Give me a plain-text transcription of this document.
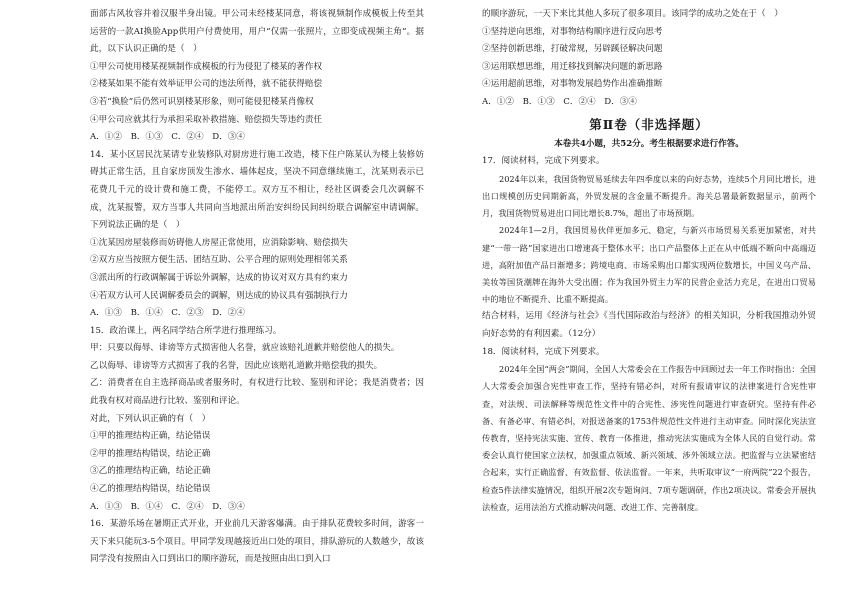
面部古风妆容并着汉服半身出镜。甲公司未经楼某同意，将该视频制作成模板上传至其运营的一款AI换脸App供用户付费使用，用户“仅需一张照片，立即变成视频主角”。据此，以下认识正确的是（　）

①甲公司使用楼某视频制作成模板的行为侵犯了楼某的著作权

②楼某如果不能有效举证甲公司的违法所得，就不能获得赔偿

③若“换脸”后仍然可识别楼某形象，则可能侵犯楼某肖像权

④甲公司应就其行为承担采取补救措施、赔偿损失等违约责任

A．①②　B．①③　C．②④　D．③④

14．某小区居民沈某请专业装修队对厨房进行施工改造，楼下住户陈某认为楼上装修妨碍其正常生活，且自家房顶发生渗水、墙体起皮，坚决不同意继续施工，沈某则表示已花费几千元的设计费和施工费，不能停工。双方互不相让，经社区调委会几次调解不成，沈某报警，双方当事人共同向当地派出所治安纠纷民间纠纷联合调解室申请调解。下列说法正确的是（　）

①沈某因房屋装修而妨碍他人房屋正常使用，应消除影响、赔偿损失

②双方应当按照方便生活、团结互助、公平合理的原则处理相邻关系

③派出所的行政调解属于诉讼外调解，达成的协议对双方具有约束力

④若双方认可人民调解委员会的调解，则达成的协议具有强制执行力

A．①③　B．①④　C．②③　D．②④

15．政治课上，两名同学结合所学进行推理练习。

甲：只要以侮辱、诽谤等方式损害他人名誉，就应该赔礼道歉并赔偿他人的损失。

乙以侮辱、诽谤等方式损害了我的名誉，因此应该赔礼道歉并赔偿我的损失。

乙：消费者在自主选择商品或者服务时，有权进行比较、鉴别和评论；我是消费者；因此我有权对商品进行比较、鉴别和评论。

对此，下列认识正确的有（　）

①甲的推理结构正确，结论错误

②甲的推理结构错误，结论正确

③乙的推理结构正确，结论正确

④乙的推理结构错误，结论错误

A．①③　B．①④　C．②④　D．③④

16．某游乐场在暑期正式开业，开业前几天游客爆满。由于排队花费较多时间，游客一天下来只能玩3-5个项目。甲同学发现越接近出口处的项目，排队游玩的人数越少，故该同学没有按照由入口到出口的顺序游玩，而是按照由出口到入口

的顺序游玩，一天下来比其他人多玩了很多项目。该同学的成功之处在于（　）

①坚持逆向思维，对事物结构顺序进行反向思考

②坚持创新思维，打破常规，另辟蹊径解决问题

③运用联想思维，用迁移找到解决问题的新思路

④运用超前思维，对事物发展趋势作出准确推断

A．①②　B．①③　C．②④　D．③④

第Ⅱ卷（非选择题）
本卷共4小题，共52分。考生根据要求进行作答。

17．阅读材料，完成下列要求。

2024年以来，我国货物贸易延续去年四季度以来的向好态势，连续5个月同比增长，进出口规模创历史同期新高，外贸发展的含金量不断提升。海关总署最新数据显示，前两个月，我国货物贸易进出口同比增长8.7%，超出了市场预期。

2024年1—2月，我国贸易伙伴更加多元、稳定，与新兴市场贸易关系更加紧密，对共建“一带一路”国家进出口增速高于整体水平；出口产品整体上正在从中低端不断向中高端迈进，高附加值产品日渐增多；跨境电商、市场采购出口都实现两位数增长，中国义乌产品、美妆等国货潮牌在海外大受出圈；作为我国外贸主力军的民营企业活力充足，在进出口贸易中的地位不断提升、比重不断提高。

结合材料，运用《经济与社会》《当代国际政治与经济》的相关知识，分析我国推动外贸向好态势的有利因素。（12分）

18．阅读材料，完成下列要求。

2024年全国“两会”期间，全国人大常委会在工作报告中回顾过去一年工作时指出：全国人大常委会加强合宪性审查工作，坚持有错必纠，对所有报请审议的法律案进行合宪性审查，对法规、司法解释等规范性文件中的合宪性、涉宪性问题进行审查研究。坚持有件必备、有备必审、有错必纠，对报送备案的1753件规范性文件进行主动审查。同时深化宪法宣传教育，坚持宪法实施、宣传、教育一体推进，推动宪法实施成为全体人民的自觉行动。常委会认真行使国家立法权，加强重点领域、新兴领域、涉外领域立法。把监督与立法紧密结合起来，实行正确监督、有效监督、依法监督。一年来，共听取审议“一府两院”22个报告，检查5件法律实施情况，组织开展2次专题询问、7项专题调研，作出2项决议。常委会开展执法检查，运用法治方式推动解决问题、改进工作、完善制度。
